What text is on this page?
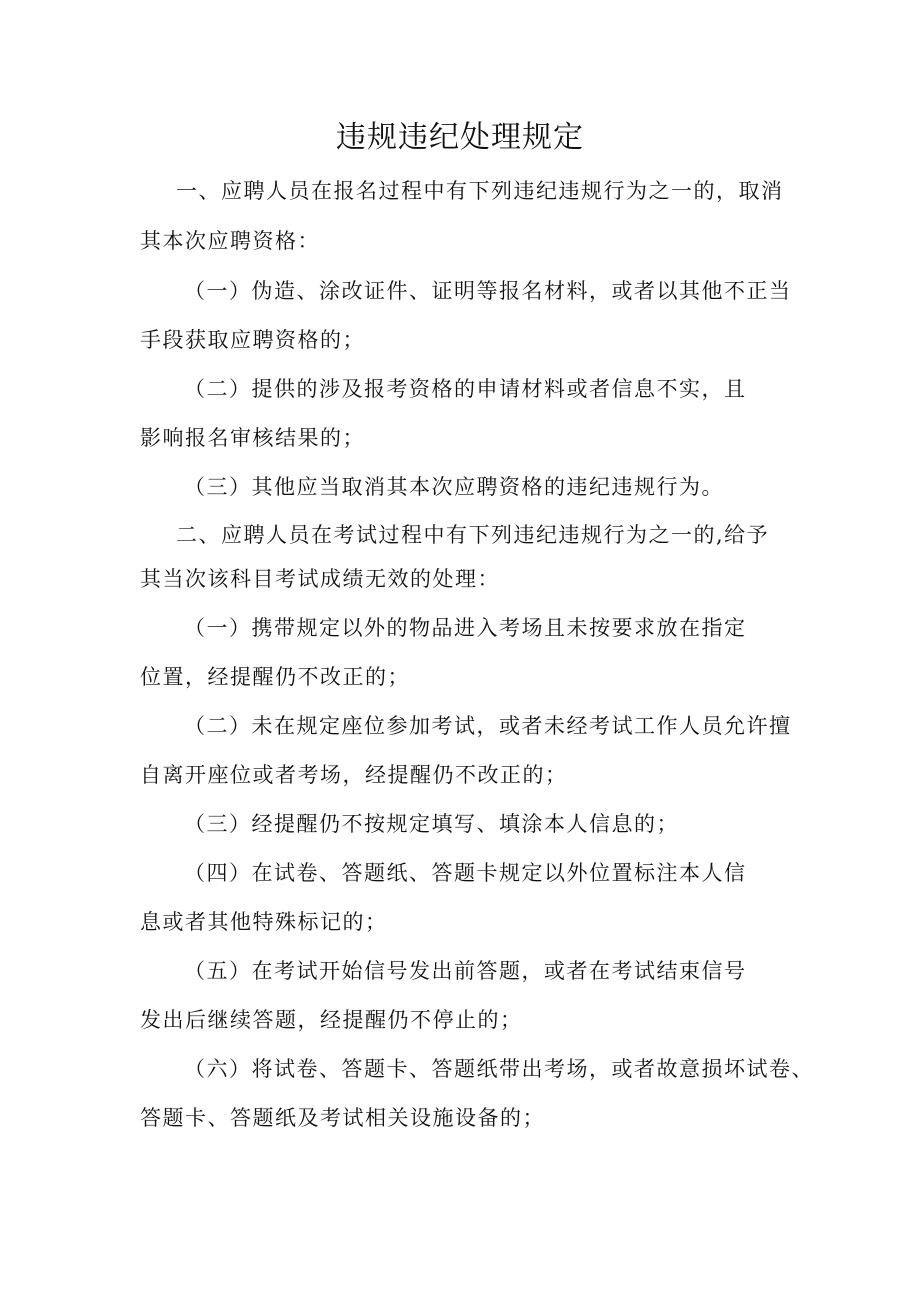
违规违纪处理规定
一、应聘人员在报名过程中有下列违纪违规行为之一的，取消
其本次应聘资格：
（一）伪造、涂改证件、证明等报名材料，或者以其他不正当
手段获取应聘资格的；
（二）提供的涉及报考资格的申请材料或者信息不实，且
影响报名审核结果的；
（三）其他应当取消其本次应聘资格的违纪违规行为。
二、应聘人员在考试过程中有下列违纪违规行为之一的,给予
其当次该科目考试成绩无效的处理：
（一）携带规定以外的物品进入考场且未按要求放在指定
位置，经提醒仍不改正的；
（二）未在规定座位参加考试，或者未经考试工作人员允许擅
自离开座位或者考场，经提醒仍不改正的；
（三）经提醒仍不按规定填写、填涂本人信息的；
（四）在试卷、答题纸、答题卡规定以外位置标注本人信
息或者其他特殊标记的；
（五）在考试开始信号发出前答题，或者在考试结束信号
发出后继续答题，经提醒仍不停止的；
（六）将试卷、答题卡、答题纸带出考场，或者故意损坏试卷、
答题卡、答题纸及考试相关设施设备的；
